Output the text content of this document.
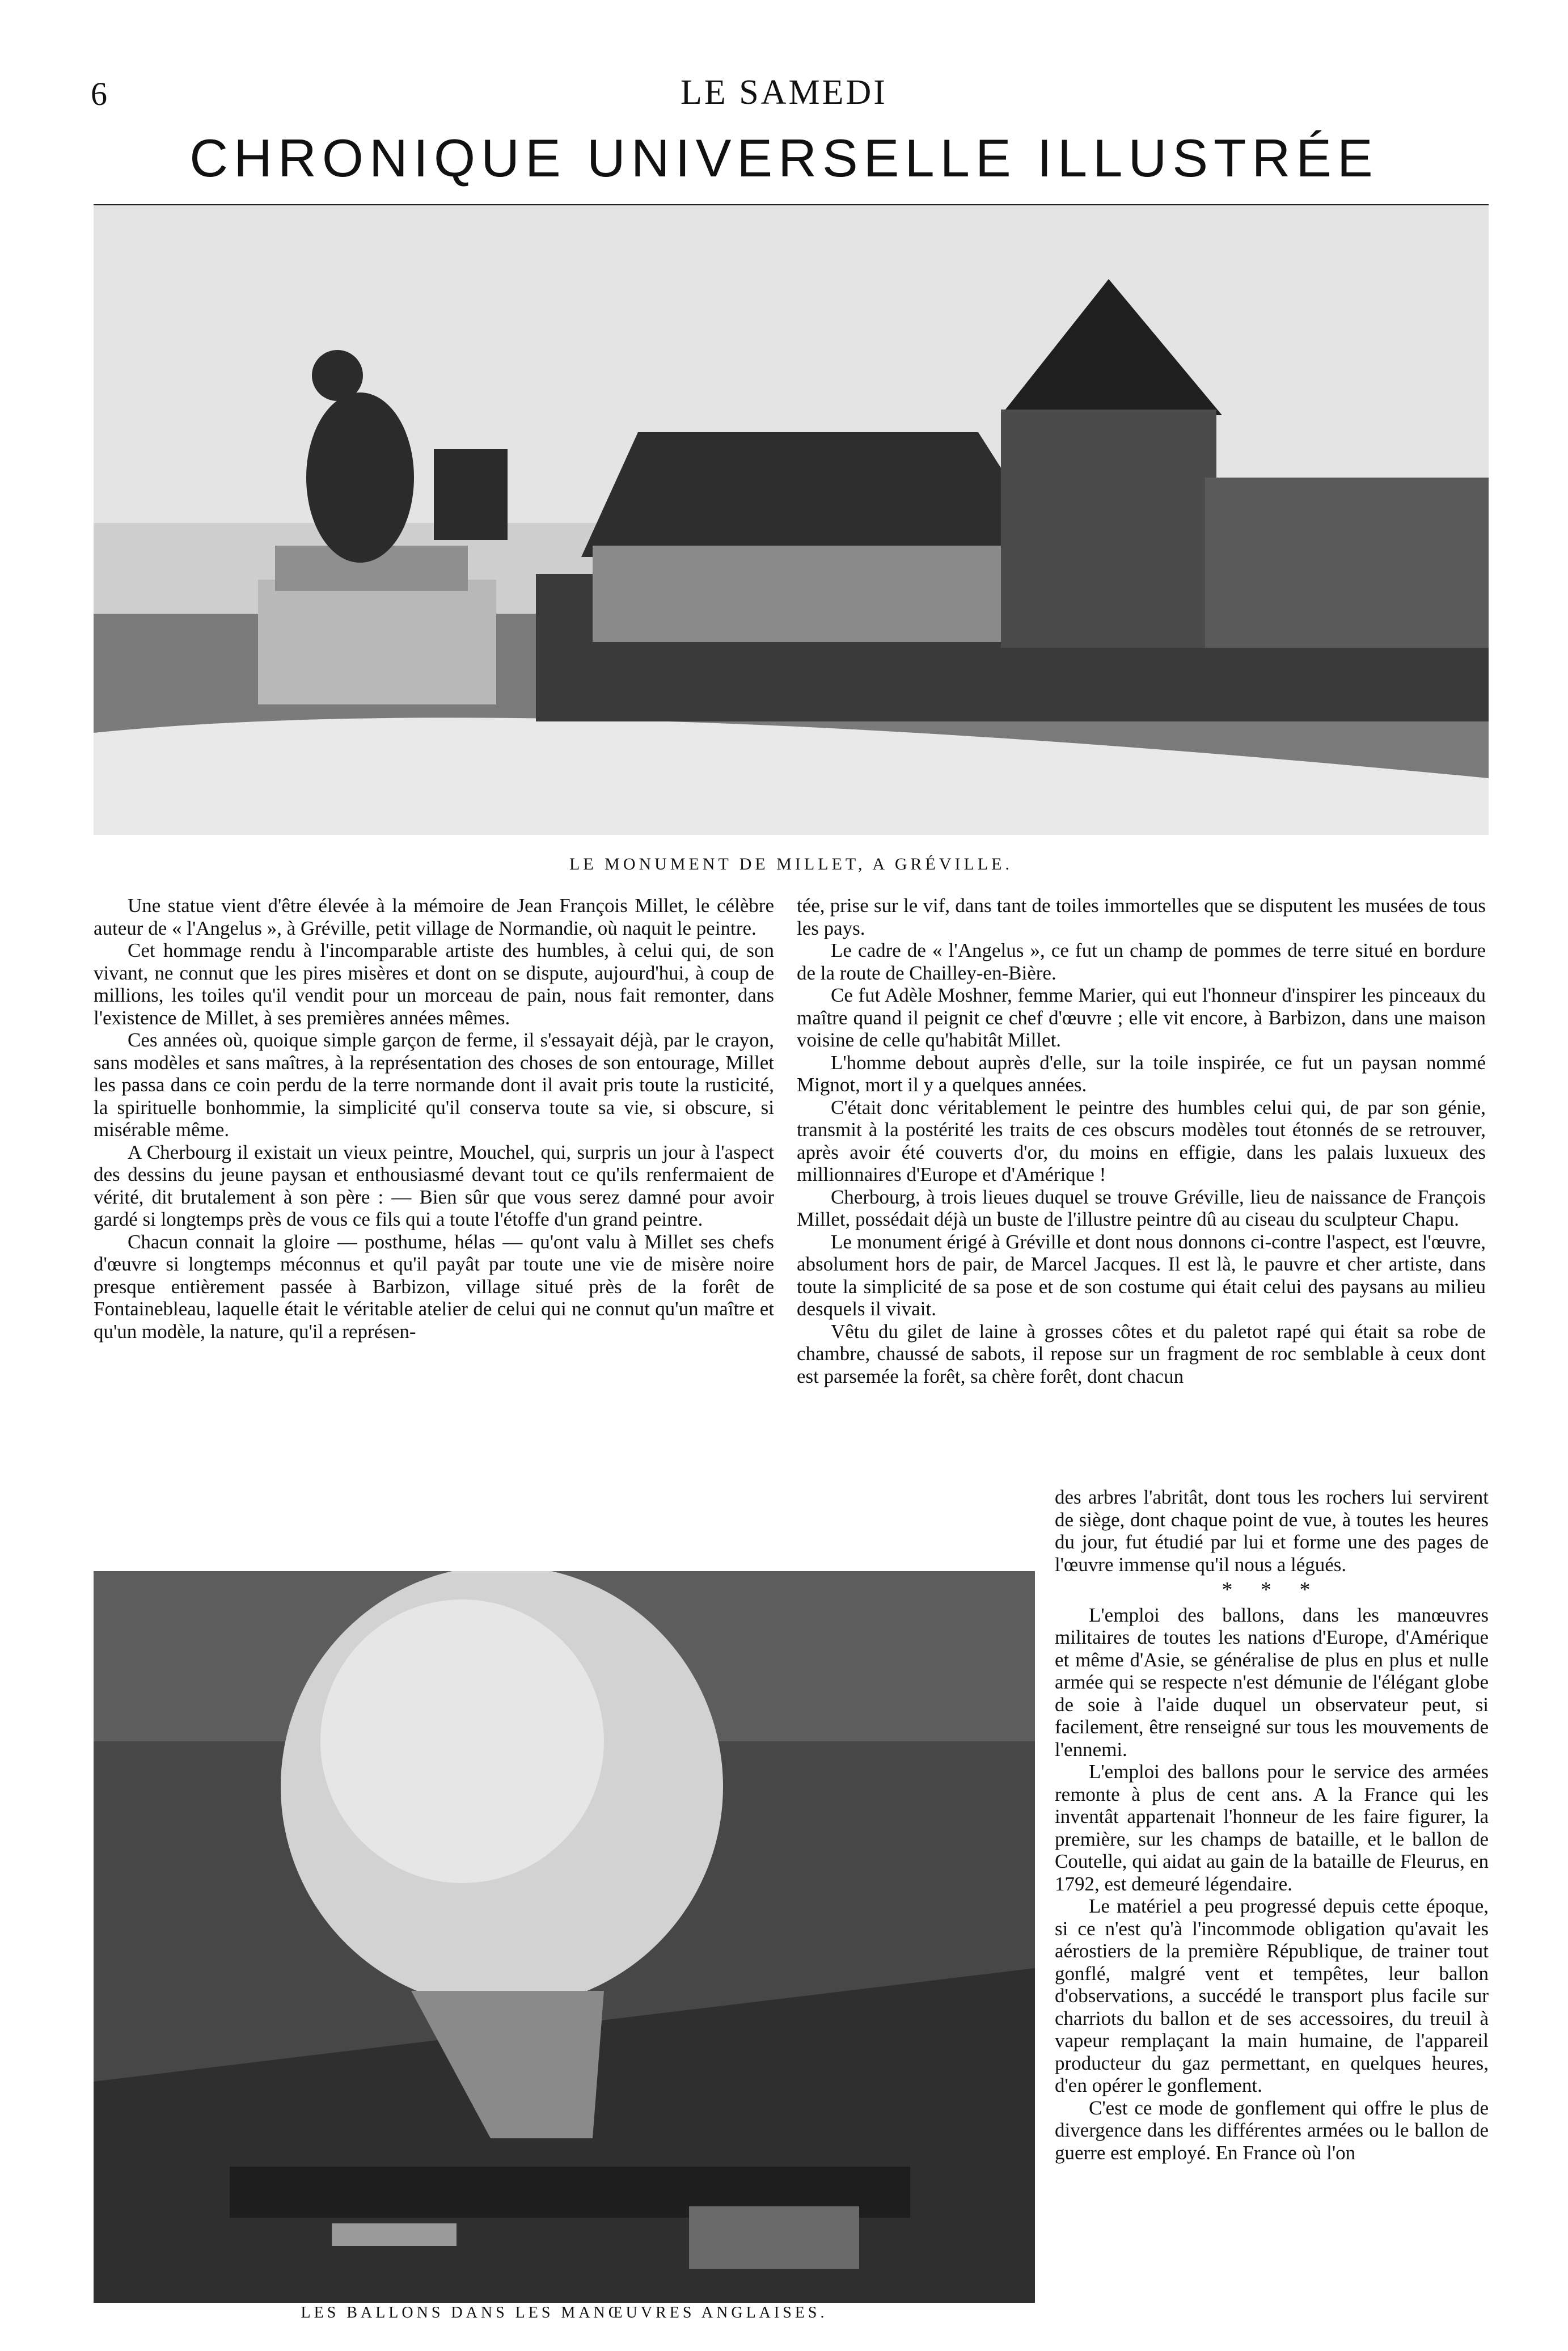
6	LE SAMEDI
CHRONIQUE UNIVERSELLE ILLUSTRÉE
LE MONUMENT DE MILLET, A GRÉVILLE.

Une statue vient d'être élevée à la mémoire de Jean François Millet, le célèbre auteur de « l'Angelus », à Gréville, petit village de Normandie, où naquit le peintre.

Cet hommage rendu à l'incomparable artiste des humbles, à celui qui, de son vivant, ne connut que les pires misères et dont on se dispute, aujourd'hui, à coup de millions, les toiles qu'il vendit pour un morceau de pain, nous fait remonter, dans l'existence de Millet, à ses premières années mêmes.

Ces années où, quoique simple garçon de ferme, il s'essayait déjà, par le crayon, sans modèles et sans maîtres, à la représentation des choses de son entourage, Millet les passa dans ce coin perdu de la terre normande dont il avait pris toute la rusticité, la spirituelle bonhommie, la simplicité qu'il conserva toute sa vie, si obscure, si misérable même.

A Cherbourg il existait un vieux peintre, Mouchel, qui, surpris un jour à l'aspect des dessins du jeune paysan et enthousiasmé devant tout ce qu'ils renfermaient de vérité, dit brutalement à son père : — Bien sûr que vous serez damné pour avoir gardé si longtemps près de vous ce fils qui a toute l'étoffe d'un grand peintre.

Chacun connait la gloire — posthume, hélas — qu'ont valu à Millet ses chefs d'œuvre si longtemps méconnus et qu'il payât par toute une vie de misère noire presque entièrement passée à Barbizon, village situé près de la forêt de Fontainebleau, laquelle était le véritable atelier de celui qui ne connut qu'un maître et qu'un modèle, la nature, qu'il a représen-

tée, prise sur le vif, dans tant de toiles immortelles que se disputent les musées de tous les pays.

Le cadre de « l'Angelus », ce fut un champ de pommes de terre situé en bordure de la route de Chailley-en-Bière.

Ce fut Adèle Moshner, femme Marier, qui eut l'honneur d'inspirer les pinceaux du maître quand il peignit ce chef d'œuvre ; elle vit encore, à Barbizon, dans une maison voisine de celle qu'habitât Millet.

L'homme debout auprès d'elle, sur la toile inspirée, ce fut un paysan nommé Mignot, mort il y a quelques années.

C'était donc véritablement le peintre des humbles celui qui, de par son génie, transmit à la postérité les traits de ces obscurs modèles tout étonnés de se retrouver, après avoir été couverts d'or, du moins en effigie, dans les palais luxueux des millionnaires d'Europe et d'Amérique !

Cherbourg, à trois lieues duquel se trouve Gréville, lieu de naissance de François Millet, possédait déjà un buste de l'illustre peintre dû au ciseau du sculpteur Chapu.

Le monument érigé à Gréville et dont nous donnons ci-contre l'aspect, est l'œuvre, absolument hors de pair, de Marcel Jacques. Il est là, le pauvre et cher artiste, dans toute la simplicité de sa pose et de son costume qui était celui des paysans au milieu desquels il vivait.

Vêtu du gilet de laine à grosses côtes et du paletot rapé qui était sa robe de chambre, chaussé de sabots, il repose sur un fragment de roc semblable à ceux dont est parsemée la forêt, sa chère forêt, dont chacun

des arbres l'abritât, dont tous les rochers lui servirent de siège, dont chaque point de vue, à toutes les heures du jour, fut étudié par lui et forme une des pages de l'œuvre immense qu'il nous a légués.

* * *

L'emploi des ballons, dans les manœuvres militaires de toutes les nations d'Europe, d'Amérique et même d'Asie, se généralise de plus en plus et nulle armée qui se respecte n'est démunie de l'élégant globe de soie à l'aide duquel un observateur peut, si facilement, être renseigné sur tous les mouvements de l'ennemi.

L'emploi des ballons pour le service des armées remonte à plus de cent ans. A la France qui les inventât appartenait l'honneur de les faire figurer, la première, sur les champs de bataille, et le ballon de Coutelle, qui aidat au gain de la bataille de Fleurus, en 1792, est demeuré légendaire.

Le matériel a peu progressé depuis cette époque, si ce n'est qu'à l'incommode obligation qu'avait les aérostiers de la première République, de trainer tout gonflé, malgré vent et tempêtes, leur ballon d'observations, a succédé le transport plus facile sur charriots du ballon et de ses accessoires, du treuil à vapeur remplaçant la main humaine, de l'appareil producteur du gaz permettant, en quelques heures, d'en opérer le gonflement.

C'est ce mode de gonflement qui offre le plus de divergence dans les différentes armées ou le ballon de guerre est employé. En France où l'on

LES BALLONS DANS LES MANŒUVRES ANGLAISES.
